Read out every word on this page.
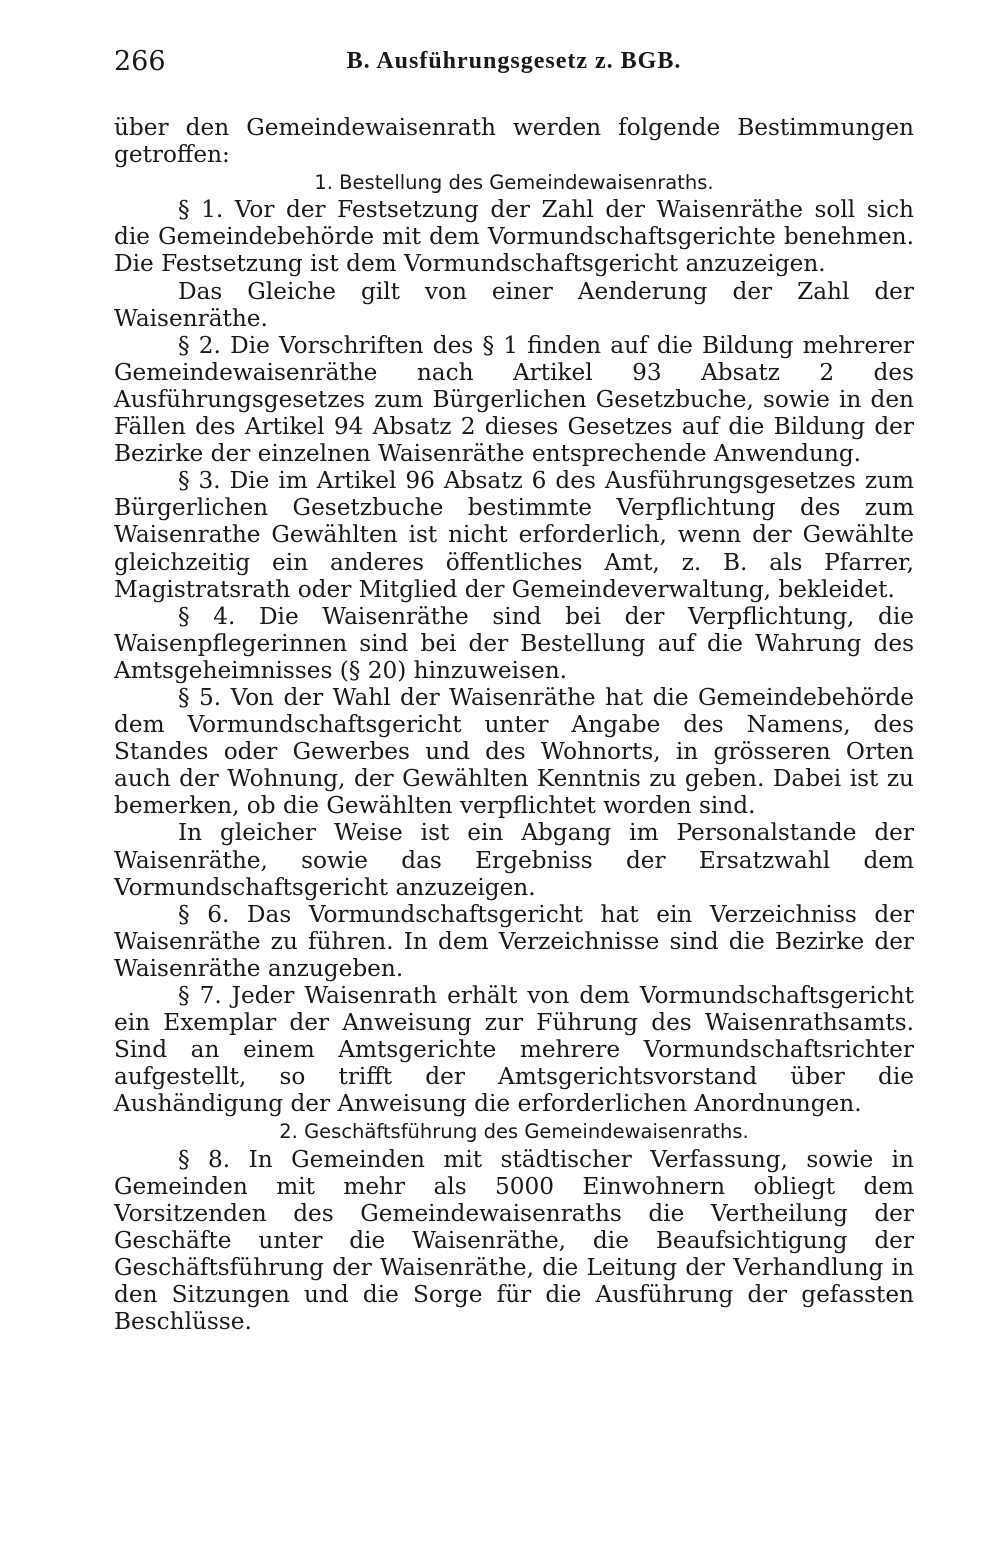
266	B. Ausführungsgesetz z. BGB.

über den Gemeindewaisenrath werden folgende Bestimmungen getroffen:

1. Bestellung des Gemeindewaisenraths.

§ 1. Vor der Festsetzung der Zahl der Waisenräthe soll sich die Gemeindebehörde mit dem Vormundschaftsgerichte benehmen. Die Festsetzung ist dem Vormundschaftsgericht anzuzeigen.

Das Gleiche gilt von einer Aenderung der Zahl der Waisenräthe.

§ 2. Die Vorschriften des § 1 finden auf die Bildung mehrerer Gemeindewaisenräthe nach Artikel 93 Absatz 2 des Ausführungsgesetzes zum Bürgerlichen Gesetzbuche, sowie in den Fällen des Artikel 94 Absatz 2 dieses Gesetzes auf die Bildung der Bezirke der einzelnen Waisenräthe entsprechende Anwendung.

§ 3. Die im Artikel 96 Absatz 6 des Ausführungsgesetzes zum Bürgerlichen Gesetzbuche bestimmte Verpflichtung des zum Waisenrathe Gewählten ist nicht erforderlich, wenn der Gewählte gleichzeitig ein anderes öffentliches Amt, z. B. als Pfarrer, Magistratsrath oder Mitglied der Gemeindeverwaltung, bekleidet.

§ 4. Die Waisenräthe sind bei der Verpflichtung, die Waisenpflegerinnen sind bei der Bestellung auf die Wahrung des Amtsgeheimnisses (§ 20) hinzuweisen.

§ 5. Von der Wahl der Waisenräthe hat die Gemeindebehörde dem Vormundschaftsgericht unter Angabe des Namens, des Standes oder Gewerbes und des Wohnorts, in grösseren Orten auch der Wohnung, der Gewählten Kenntnis zu geben. Dabei ist zu bemerken, ob die Gewählten verpflichtet worden sind.

In gleicher Weise ist ein Abgang im Personalstande der Waisenräthe, sowie das Ergebniss der Ersatzwahl dem Vormundschaftsgericht anzuzeigen.

§ 6. Das Vormundschaftsgericht hat ein Verzeichniss der Waisenräthe zu führen. In dem Verzeichnisse sind die Bezirke der Waisenräthe anzugeben.

§ 7. Jeder Waisenrath erhält von dem Vormundschaftsgericht ein Exemplar der Anweisung zur Führung des Waisenrathsamts. Sind an einem Amtsgerichte mehrere Vormundschaftsrichter aufgestellt, so trifft der Amtsgerichtsvorstand über die Aushändigung der Anweisung die erforderlichen Anordnungen.

2. Geschäftsführung des Gemeindewaisenraths.

§ 8. In Gemeinden mit städtischer Verfassung, sowie in Gemeinden mit mehr als 5000 Einwohnern obliegt dem Vorsitzenden des Gemeindewaisenraths die Vertheilung der Geschäfte unter die Waisenräthe, die Beaufsichtigung der Geschäftsführung der Waisenräthe, die Leitung der Verhandlung in den Sitzungen und die Sorge für die Ausführung der gefassten Beschlüsse.
